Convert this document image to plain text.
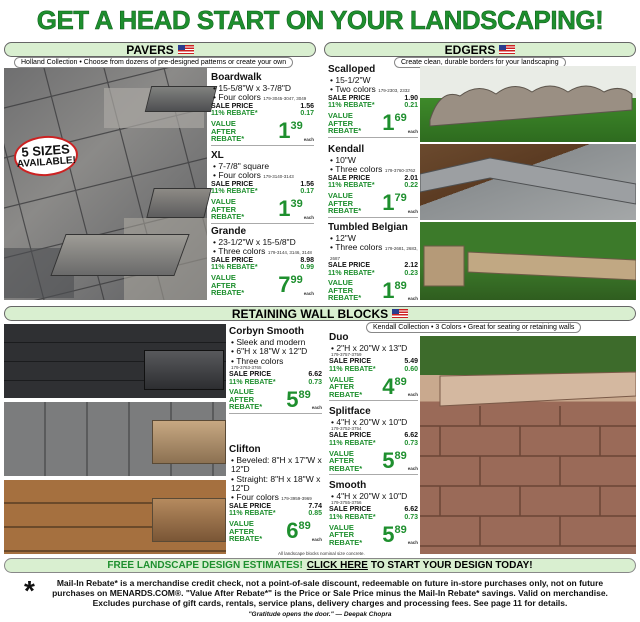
GET A HEAD START ON YOUR LANDSCAPING!
PAVERS
Holland Collection • Choose from dozens of pre-designed patterns or create your own
5 SIZES
AVAILABLE!
Boardwalk
• 15-5/8"W x 3-7/8"D
• Four colors 179-3045-3047, 3049
SALE PRICE	1.56
11% REBATE*	0.17
VALUE
AFTER
REBATE* 1 39
each
XL
• 7-7/8" square
• Four colors 179-3140-3143
SALE PRICE	1.56
11% REBATE*	0.17
VALUE
AFTER
REBATE* 1 39
each
Grande
• 23-1/2"W x 15-5/8"D
• Three colors 179-3144, 3146, 3148
SALE PRICE	8.98
11% REBATE*	0.99
VALUE
AFTER
REBATE* 7 99
each
EDGERS
Create clean, durable borders for your landscaping
Scalloped
• 15-1/2"W
• Two colors 179-2303, 2332
SALE PRICE	1.90
11% REBATE*	0.21
VALUE
AFTER
REBATE* 1 69
each
Kendall
• 10"W
• Three colors 179-3760-3762
SALE PRICE	2.01
11% REBATE*	0.22
VALUE
AFTER
REBATE* 1 79
each
Tumbled Belgian
• 12"W
• Three colors 179-2681, 2683, 2687
SALE PRICE	2.12
11% REBATE*	0.23
VALUE
AFTER
REBATE* 1 89
each
RETAINING WALL BLOCKS
Kendall Collection • 3 Colors • Great for seating or retaining walls
Corbyn Smooth
• Sleek and modern
• 6"H x 18"W x 12"D
• Three colors
179-3763-3765
SALE PRICE	6.62
11% REBATE*	0.73
VALUE
AFTER
REBATE* 5 89
each
Clifton
• Beveled: 8"H x 17"W x 12"D
• Straight: 8"H x 18"W x 12"D
• Four colors 179-3959-3969
SALE PRICE	7.74
11% REBATE*	0.85
VALUE
AFTER
REBATE* 6 89
each
Duo
• 2"H x 20"W x 13"D
179-3757-3759
SALE PRICE	5.49
11% REBATE*	0.60
VALUE
AFTER
REBATE* 4 89
each
Splitface
• 4"H x 20"W x 10"D
179-3752-3754
SALE PRICE	6.62
11% REBATE*	0.73
VALUE
AFTER
REBATE* 5 89
each
Smooth
• 4"H x 20"W x 10"D
179-3755-3756
SALE PRICE	6.62
11% REBATE*	0.73
VALUE
AFTER
REBATE* 5 89
each
All landscape blocks nominal size concrete.
FREE LANDSCAPE DESIGN ESTIMATES! CLICK HERE TO START YOUR DESIGN TODAY!
*	Mail-In Rebate* is a merchandise credit check, not a point-of-sale discount, redeemable on future in-store purchases only, not on future purchases on MENARDS.COM®. "Value After Rebate*" is the Price or Sale Price minus the Mail-In Rebate* savings. Valid on merchandise. Excludes purchase of gift cards, rentals, service plans, delivery charges and processing fees. See page 11 for details.
"Gratitude opens the door." — Deepak Chopra
